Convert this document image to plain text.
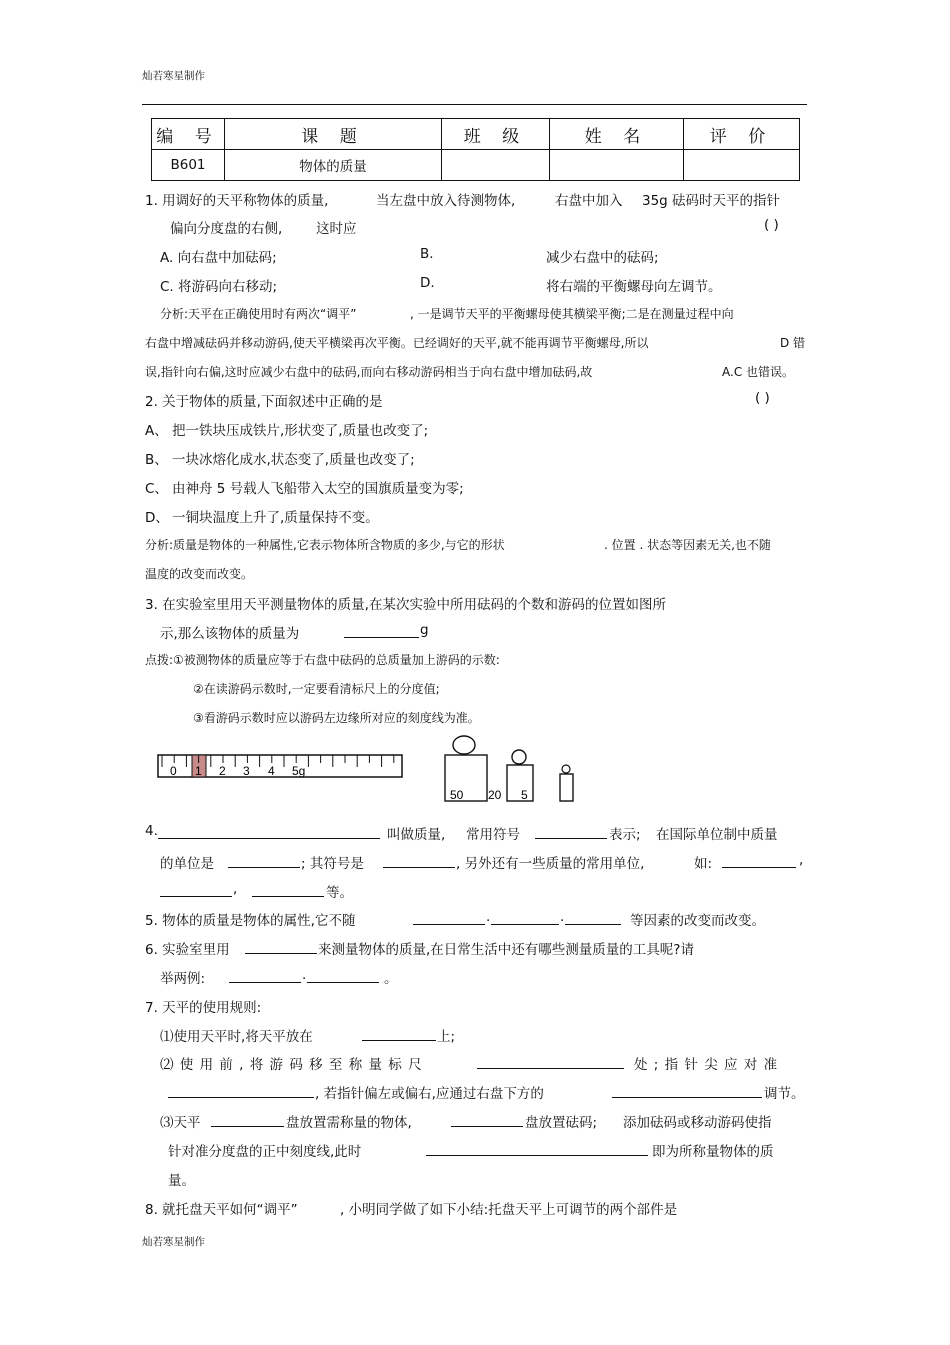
灿若寒星制作
编 号	课 题	班 级	姓 名	评 价
B601	物体的质量			
1. 用调好的天平称物体的质量,	当左盘中放入待测物体,	右盘中加入 35g 砝码时天平的指针
偏向分度盘的右侧, 这时应	( )
A. 向右盘中加砝码;	B.	减少右盘中的砝码;
C. 将游码向右移动;	D.	将右端的平衡螺母向左调节。
分析:天平在正确使用时有两次“调平”	, 一是调节天平的平衡螺母使其横梁平衡;二是在测量过程中向
右盘中增减砝码并移动游码,使天平横梁再次平衡。已经调好的天平,就不能再调节平衡螺母,所以	D 错
误,指针向右偏,这时应减少右盘中的砝码,而向右移动游码相当于向右盘中增加砝码,故	A.C 也错误。
2. 关于物体的质量,下面叙述中正确的是	( )
A、 把一铁块压成铁片,形状变了,质量也改变了;
B、 一块冰熔化成水,状态变了,质量也改变了;
C、 由神舟 5 号载人飞船带入太空的国旗质量变为零;
D、 一铜块温度上升了,质量保持不变。
分析:质量是物体的一种属性,它表示物体所含物质的多少,与它的形状	. 位置 . 状态等因素无关,也不随
温度的改变而改变。
3. 在实验室里用天平测量物体的质量,在某次实验中所用砝码的个数和游码的位置如图所
示,那么该物体的质量为	g
点拨:①被测物体的质量应等于右盘中砝码的总质量加上游码的示数:
②在读游码示数时,一定要看清标尺上的分度值;
③看游码示数时应以游码左边缘所对应的刻度线为准。
0 1 2 3 4 5g
50 20 5
4.	叫做质量, 常用符号	表示; 在国际单位制中质量
的单位是	; 其符号是	, 另外还有一些质量的常用单位,	如:	,
,	等。
5. 物体的质量是物体的属性,它不随	.	.	等因素的改变而改变。
6. 实验室里用	来测量物体的质量,在日常生活中还有哪些测量质量的工具呢?请
举两例:	.	。
7. 天平的使用规则:
⑴使用天平时,将天平放在	上;
⑵ 使 用 前 , 将 游 码 移 至 称 量 标 尺	处 ; 指 针 尖 应 对 准
, 若指针偏左或偏右,应通过右盘下方的	调节。
⑶天平	盘放置需称量的物体,	盘放置砝码; 添加砝码或移动游码使指
针对准分度盘的正中刻度线,此时	即为所称量物体的质
量。
8. 就托盘天平如何“调平”	, 小明同学做了如下小结:托盘天平上可调节的两个部件是
灿若寒星制作
